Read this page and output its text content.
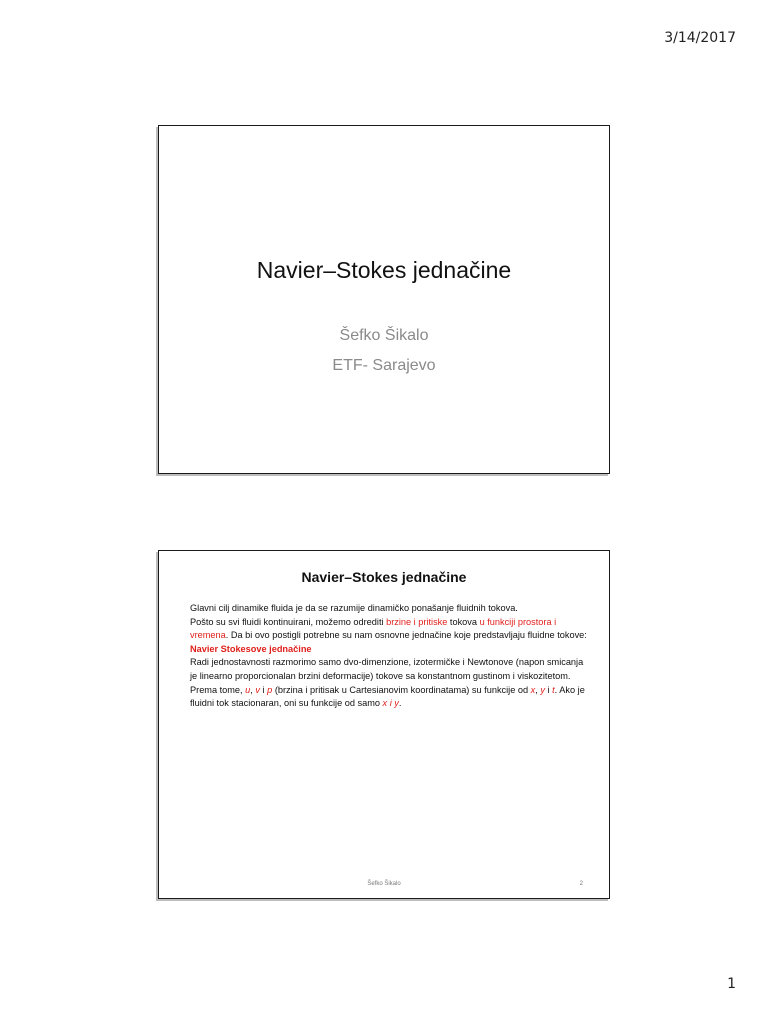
3/14/2017
Navier–Stokes jednačine
Šefko Šikalo
ETF- Sarajevo
Navier–Stokes jednačine

Glavni cilj dinamike fluida je da se razumije dinamičko ponašanje fluidnih tokova.
Pošto su svi fluidi kontinuirani, možemo odrediti brzine i pritiske tokova u funkciji prostora i vremena. Da bi ovo postigli potrebne su nam osnovne jednačine koje predstavljaju fluidne tokove:

Navier Stokesove jednačine

Radi jednostavnosti razmorimo samo dvo-dimenzione, izotermičke i Newtonove (napon smicanja je linearno proporcionalan brzini deformacije) tokove sa konstantnom gustinom i viskozitetom.

Prema tome, u, v i p (brzina i pritisak u Cartesianovim koordinatama) su funkcije od x, y i t. Ako je fluidni tok stacionaran, oni su funkcije od samo x i y.

Šefko Šikalo	2
1
